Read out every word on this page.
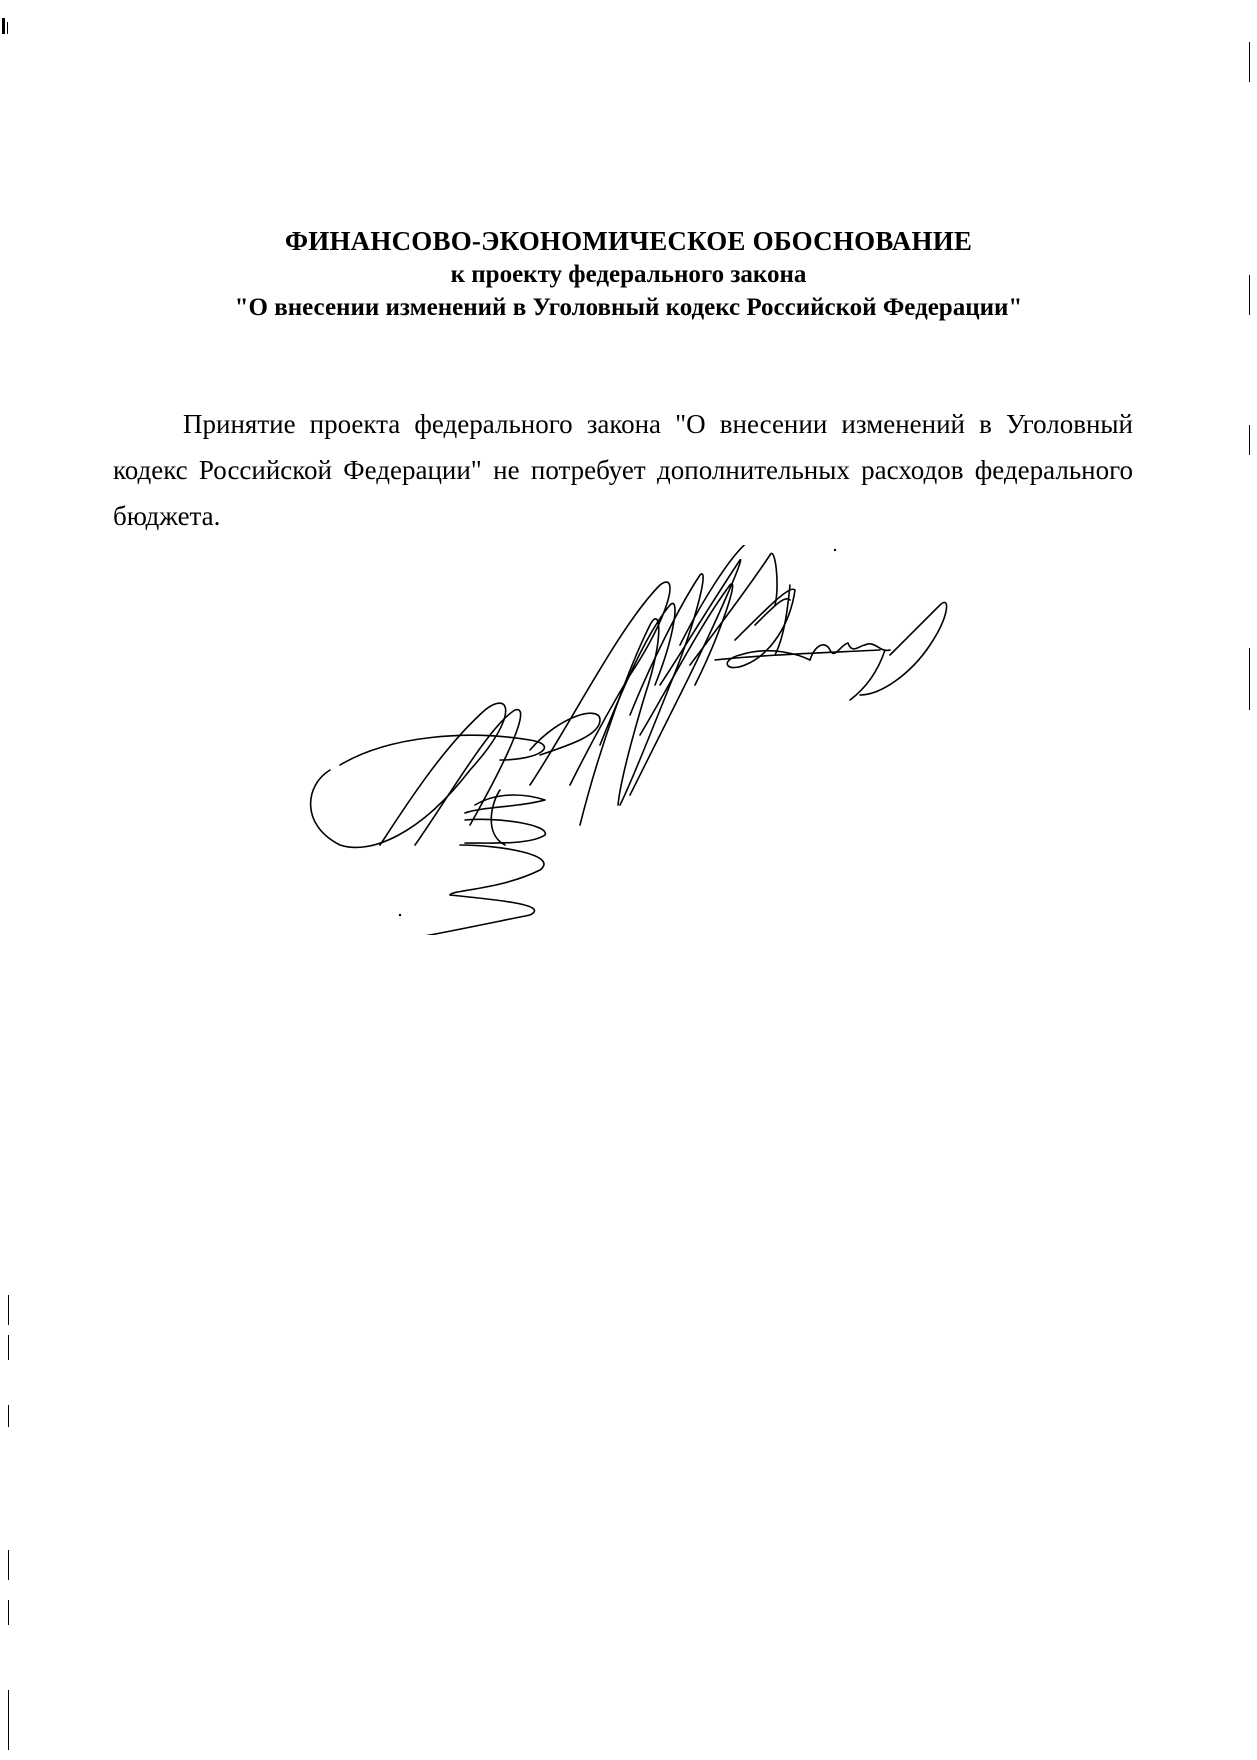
ФИНАНСОВО-ЭКОНОМИЧЕСКОЕ ОБОСНОВАНИЕ
к проекту федерального закона
"О внесении изменений в Уголовный кодекс Российской Федерации"

Принятие проекта федерального закона "О внесении изменений в Уголовный кодекс Российской Федерации" не потребует дополнительных расходов федерального бюджета.
